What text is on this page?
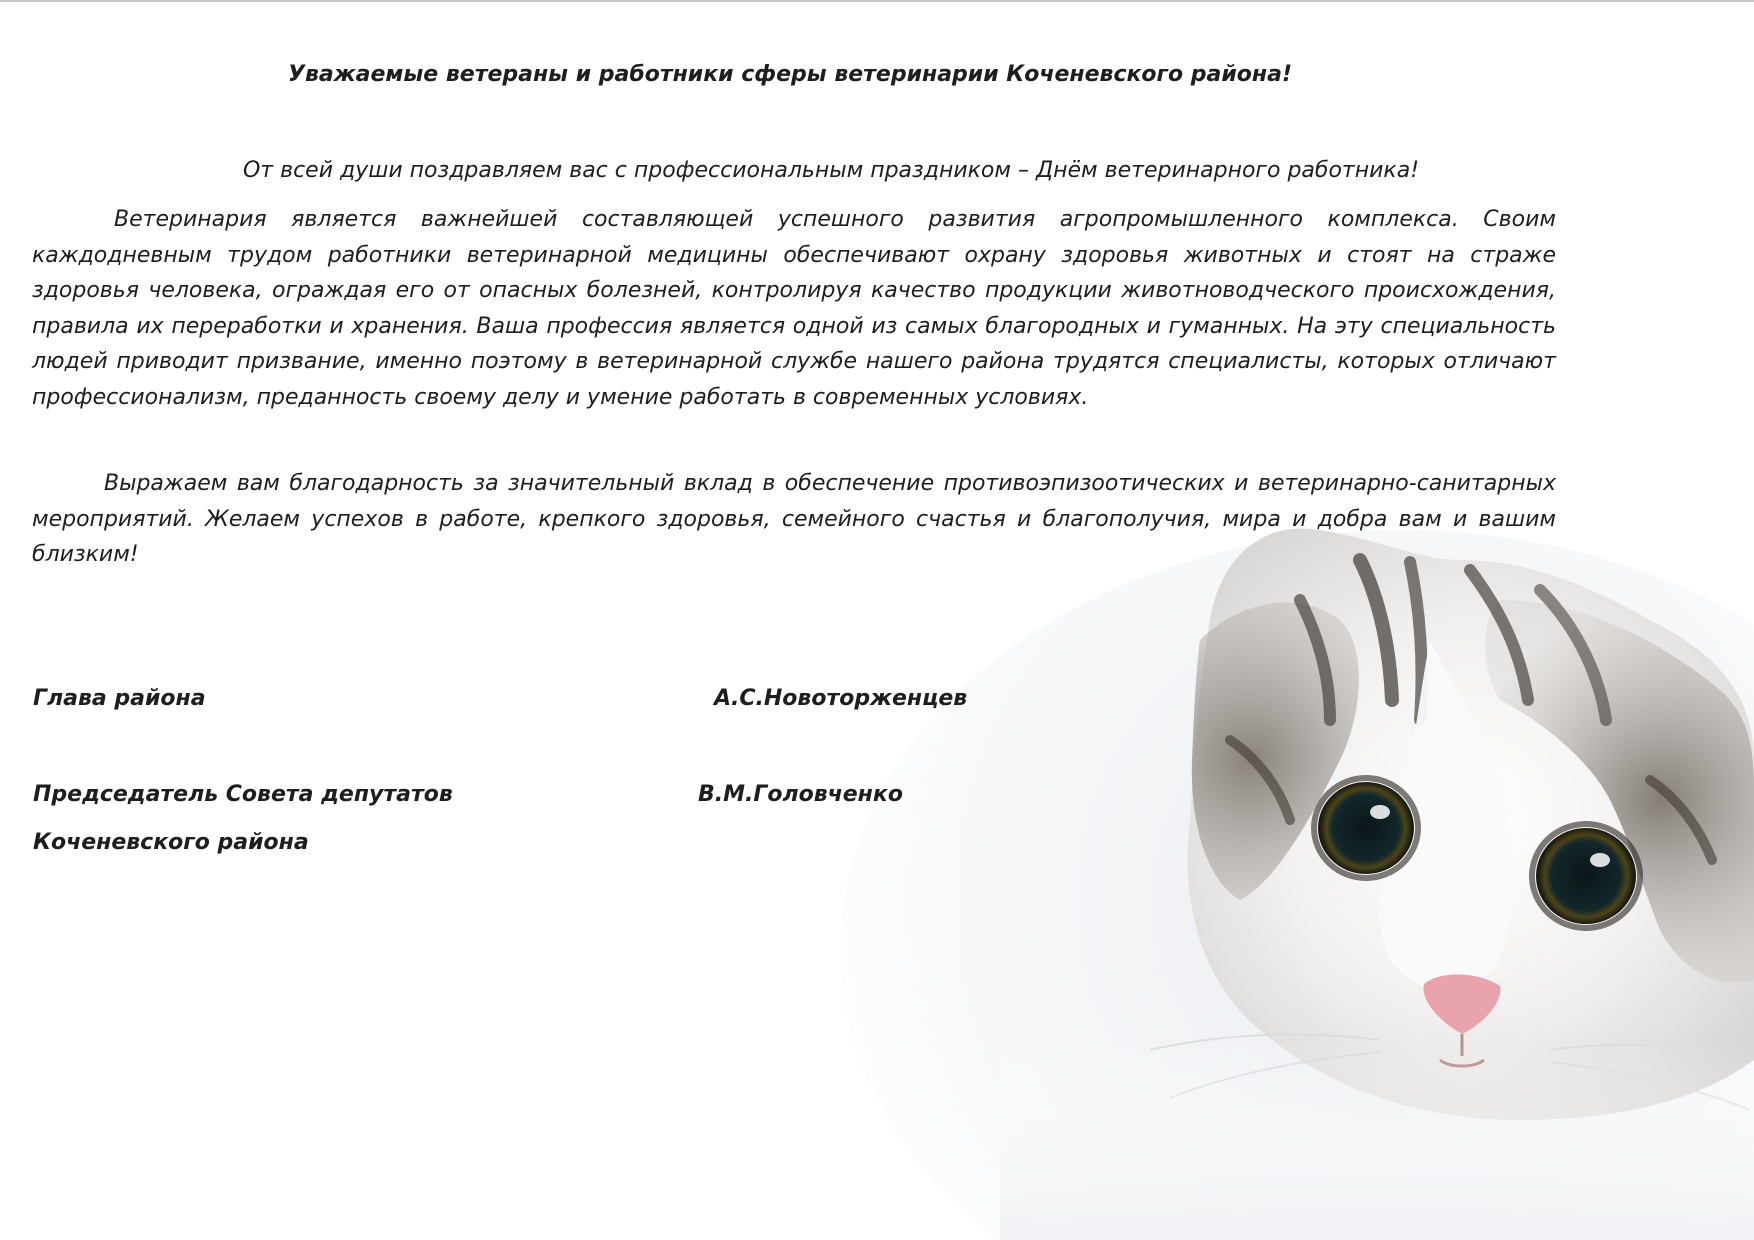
Уважаемые ветераны и работники сферы ветеринарии Коченевского района!
От всей души поздравляем вас с профессиональным праздником – Днём ветеринарного работника!

Ветеринария является важнейшей составляющей успешного развития агропромышленного комплекса. Своим каждодневным трудом работники ветеринарной медицины обеспечивают охрану здоровья животных и стоят на страже здоровья человека, ограждая его от опасных болезней, контролируя качество продукции животноводческого происхождения, правила их переработки и хранения. Ваша профессия является одной из самых благородных и гуманных. На эту специальность людей приводит призвание, именно поэтому в ветеринарной службе нашего района трудятся специалисты, которых отличают профессионализм, преданность своему делу и умение работать в современных условиях.

Выражаем вам благодарность за значительный вклад в обеспечение противоэпизоотических и ветеринарно-санитарных мероприятий. Желаем успехов в работе, крепкого здоровья, семейного счастья и благополучия, мира и добра вам и вашим близким!

Глава района	А.С.Новоторженцев
Председатель Совета депутатов	В.М.Головченко
Коченевского района
